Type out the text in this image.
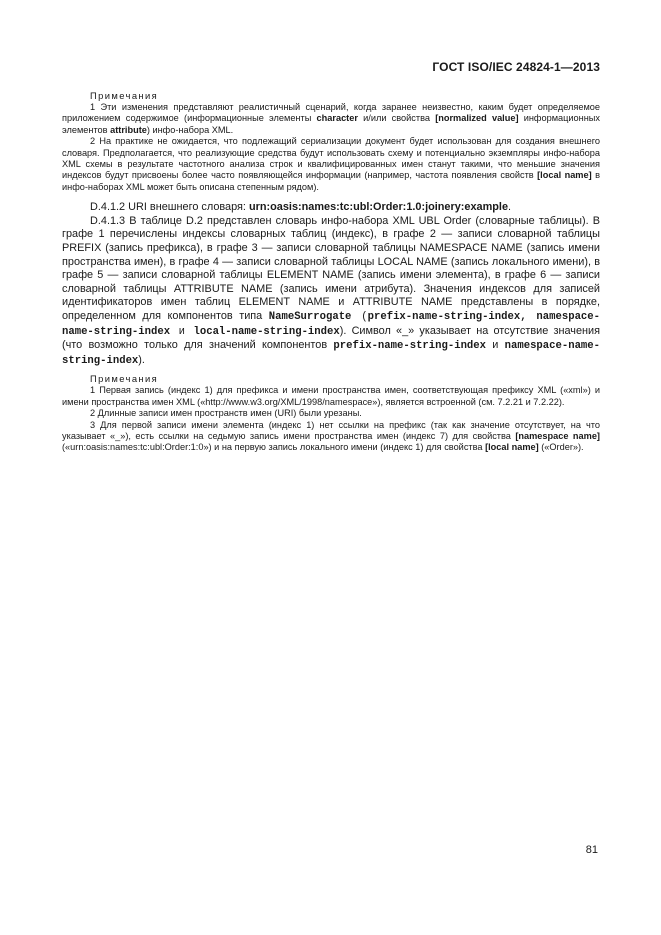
ГОСТ ISO/IEC 24824-1—2013

Примечания

1 Эти изменения представляют реалистичный сценарий, когда заранее неизвестно, каким будет определяемое приложением содержимое (информационные элементы character и/или свойства [normalized value] информационных элементов attribute) инфо-набора XML.

2 На практике не ожидается, что подлежащий сериализации документ будет использован для создания внешнего словаря. Предполагается, что реализующие средства будут использовать схему и потенциально экземпляры инфо-набора XML схемы в результате частотного анализа строк и квалифицированных имен станут такими, что меньшие значения индексов будут присвоены более часто появляющейся информации (например, частота появления свойств [local name] в инфо-наборах XML может быть описана степенным рядом).

D.4.1.2 URI внешнего словаря: urn:oasis:names:tc:ubl:Order:1.0:joinery:example.

D.4.1.3 В таблице D.2 представлен словарь инфо-набора XML UBL Order (словарные таблицы). В графе 1 перечислены индексы словарных таблиц (индекс), в графе 2 — записи словарной таблицы PREFIX (запись префикса), в графе 3 — записи словарной таблицы NAMESPACE NAME (запись имени пространства имен), в графе 4 — записи словарной таблицы LOCAL NAME (запись локального имени), в графе 5 — записи словарной таблицы ELEMENT NAME (запись имени элемента), в графе 6 — записи словарной таблицы ATTRIBUTE NAME (запись имени атрибута). Значения индексов для записей идентификаторов имен таблиц ELEMENT NAME и ATTRIBUTE NAME представлены в порядке, определенном для компонентов типа NameSurrogate (prefix-name-string-index, namespace-name-string-index и local-name-string-index). Символ «_» указывает на отсутствие значения (что возможно только для значений компонентов prefix-name-string-index и namespace-name-string-index).

Примечания

1 Первая запись (индекс 1) для префикса и имени пространства имен, соответствующая префиксу XML («xml») и имени пространства имен XML («http://www.w3.org/XML/1998/namespace»), является встроенной (см. 7.2.21 и 7.2.22).

2 Длинные записи имен пространств имен (URI) были урезаны.

3 Для первой записи имени элемента (индекс 1) нет ссылки на префикс (так как значение отсутствует, на что указывает «_»), есть ссылки на седьмую запись имени пространства имен (индекс 7) для свойства [namespace name] («urn:oasis:names:tc:ubl:Order:1:0») и на первую запись локального имени (индекс 1) для свойства [local name] («Order»).

81
